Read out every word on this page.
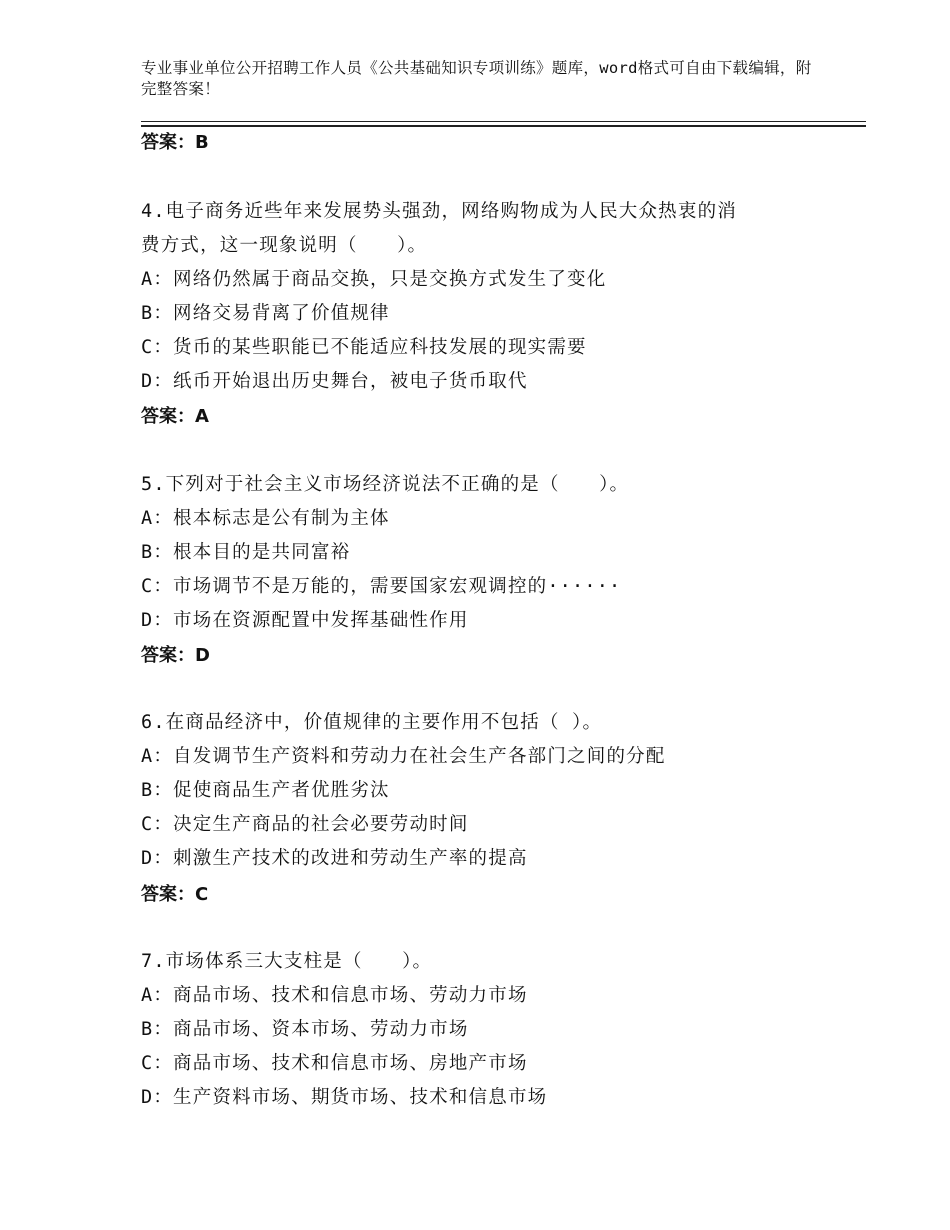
专业事业单位公开招聘工作人员《公共基础知识专项训练》题库，word格式可自由下载编辑，附完整答案！
答案：B
4.电子商务近些年来发展势头强劲，网络购物成为人民大众热衷的消
费方式，这一现象说明（　　）。
A：网络仍然属于商品交换，只是交换方式发生了变化
B：网络交易背离了价值规律
C：货币的某些职能已不能适应科技发展的现实需要
D：纸币开始退出历史舞台，被电子货币取代
答案：A
5.下列对于社会主义市场经济说法不正确的是（　　）。
A：根本标志是公有制为主体
B：根本目的是共同富裕
C：市场调节不是万能的，需要国家宏观调控的······
D：市场在资源配置中发挥基础性作用
答案：D
6.在商品经济中，价值规律的主要作用不包括（ ）。
A：自发调节生产资料和劳动力在社会生产各部门之间的分配
B：促使商品生产者优胜劣汰
C：决定生产商品的社会必要劳动时间
D：刺激生产技术的改进和劳动生产率的提高
答案：C
7.市场体系三大支柱是（　　）。
A：商品市场、技术和信息市场、劳动力市场
B：商品市场、资本市场、劳动力市场
C：商品市场、技术和信息市场、房地产市场
D：生产资料市场、期货市场、技术和信息市场
